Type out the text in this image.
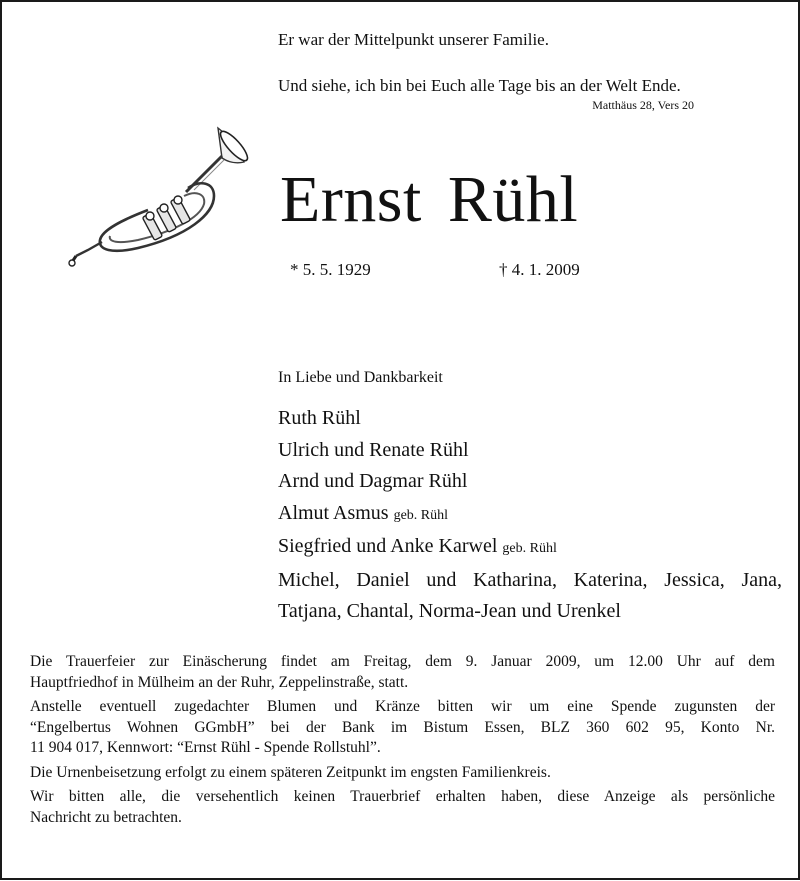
Er war der Mittelpunkt unserer Familie.
Und siehe, ich bin bei Euch alle Tage bis an der Welt Ende.
Matthäus 28, Vers 20
Ernst Rühl
* 5. 5. 1929	† 4. 1. 2009
In Liebe und Dankbarkeit
Ruth Rühl
Ulrich und Renate Rühl
Arnd und Dagmar Rühl
Almut Asmus geb. Rühl
Siegfried und Anke Karwel geb. Rühl
Michel, Daniel und Katharina, Katerina, Jessica, Jana,
Tatjana, Chantal, Norma-Jean und Urenkel

Die Trauerfeier zur Einäscherung findet am Freitag, dem 9. Januar 2009, um 12.00 Uhr auf dem

Hauptfriedhof in Mülheim an der Ruhr, Zeppelinstraße, statt.

Anstelle eventuell zugedachter Blumen und Kränze bitten wir um eine Spende zugunsten der

“Engelbertus Wohnen GGmbH” bei der Bank im Bistum Essen, BLZ 360 602 95, Konto Nr.

11 904 017, Kennwort: “Ernst Rühl - Spende Rollstuhl”.

Die Urnenbeisetzung erfolgt zu einem späteren Zeitpunkt im engsten Familienkreis.

Wir bitten alle, die versehentlich keinen Trauerbrief erhalten haben, diese Anzeige als persönliche

Nachricht zu betrachten.
